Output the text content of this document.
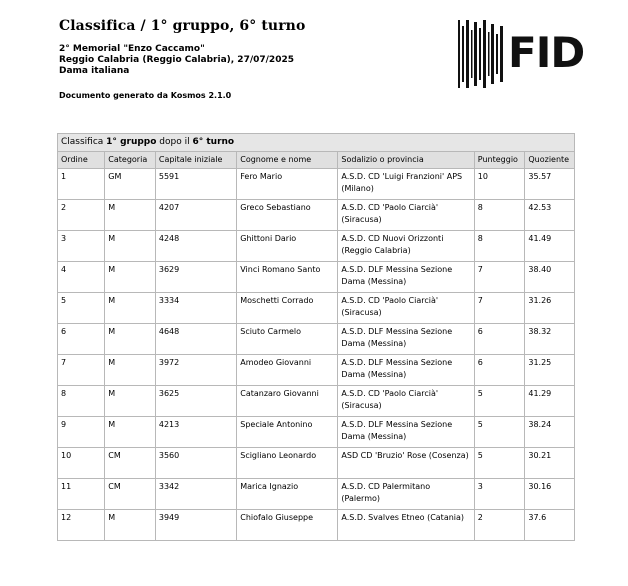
Classifica / 1° gruppo, 6° turno
2° Memorial "Enzo Caccamo"
Reggio Calabria (Reggio Calabria), 27/07/2025
Dama italiana
Documento generato da Kosmos 2.1.0
FID
Classifica 1° gruppo dopo il 6° turno						
Ordine	Categoria	Capitale iniziale	Cognome e nome	Sodalizio o provincia	Punteggio	Quoziente
1	GM	5591	Fero Mario	A.S.D. CD 'Luigi Franzioni' APS (Milano)	10	35.57
2	M	4207	Greco Sebastiano	A.S.D. CD 'Paolo Ciarcià' (Siracusa)	8	42.53
3	M	4248	Ghittoni Dario	A.S.D. CD Nuovi Orizzonti (Reggio Calabria)	8	41.49
4	M	3629	Vinci Romano Santo	A.S.D. DLF Messina Sezione Dama (Messina)	7	38.40
5	M	3334	Moschetti Corrado	A.S.D. CD 'Paolo Ciarcià' (Siracusa)	7	31.26
6	M	4648	Sciuto Carmelo	A.S.D. DLF Messina Sezione Dama (Messina)	6	38.32
7	M	3972	Amodeo Giovanni	A.S.D. DLF Messina Sezione Dama (Messina)	6	31.25
8	M	3625	Catanzaro Giovanni	A.S.D. CD 'Paolo Ciarcià' (Siracusa)	5	41.29
9	M	4213	Speciale Antonino	A.S.D. DLF Messina Sezione Dama (Messina)	5	38.24
10	CM	3560	Scigliano Leonardo	ASD CD 'Bruzio' Rose (Cosenza)	5	30.21
11	CM	3342	Marica Ignazio	A.S.D. CD Palermitano (Palermo)	3	30.16
12	M	3949	Chiofalo Giuseppe	A.S.D. Svalves Etneo (Catania)	2	37.6
